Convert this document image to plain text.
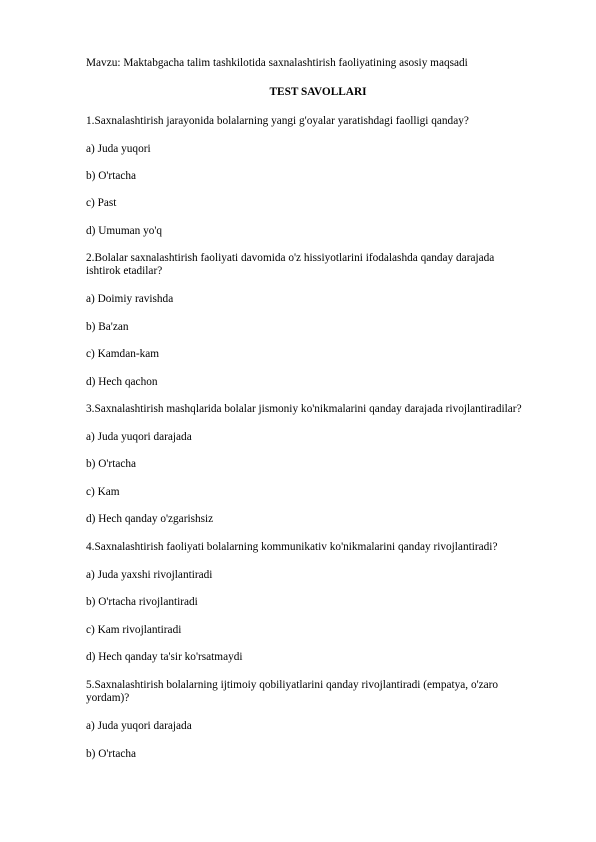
Mavzu: Maktabgacha talim tashkilotida saxnalashtirish faoliyatining asosiy maqsadi
TEST SAVOLLARI
1.Saxnalashtirish jarayonida bolalarning yangi g'oyalar yaratishdagi faolligi qanday?
a) Juda yuqori
b) O'rtacha
c) Past
d) Umuman yo'q
2.Bolalar saxnalashtirish faoliyati davomida o'z hissiyotlarini ifodalashda qanday darajada ishtirok etadilar?
a) Doimiy ravishda
b) Ba'zan
c) Kamdan-kam
d) Hech qachon
3.Saxnalashtirish mashqlarida bolalar jismoniy ko'nikmalarini qanday darajada rivojlantiradilar?
a) Juda yuqori darajada
b) O'rtacha
c) Kam
d) Hech qanday o'zgarishsiz
4.Saxnalashtirish faoliyati bolalarning kommunikativ ko'nikmalarini qanday rivojlantiradi?
a) Juda yaxshi rivojlantiradi
b) O'rtacha rivojlantiradi
c) Kam rivojlantiradi
d) Hech qanday ta'sir ko'rsatmaydi
5.Saxnalashtirish bolalarning ijtimoiy qobiliyatlarini qanday rivojlantiradi (empatya, o'zaro yordam)?
a) Juda yuqori darajada
b) O'rtacha
